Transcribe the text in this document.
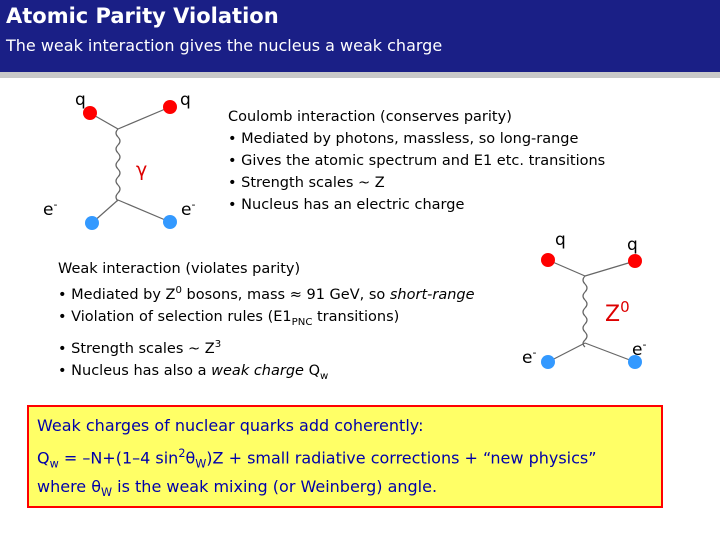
Atomic Parity Violation
The weak interaction gives the nucleus a weak charge
q	q
γ
e-	e-
Coulomb interaction (conserves parity)
• Mediated by photons, massless, so long-range
• Gives the atomic spectrum and E1 etc. transitions
• Strength scales ~ Z
• Nucleus has an electric charge
q	q
$Z^0$
e-	e-
Weak interaction (violates parity)
• Mediated by $Z^0$ bosons, mass ≈ 91 GeV, so short-range
• Violation of selection rules ($E1_{PNC}$ transitions)
• Strength scales ~ $Z^3$
• Nucleus has also a weak charge $Q_w$
Weak charges of nuclear quarks add coherently:
$Q_w = -N+(1-4$ $\sin^2\theta_W)Z$ + small radiative corrections + “new physics”
where $\theta_W$ is the weak mixing (or Weinberg) angle.
